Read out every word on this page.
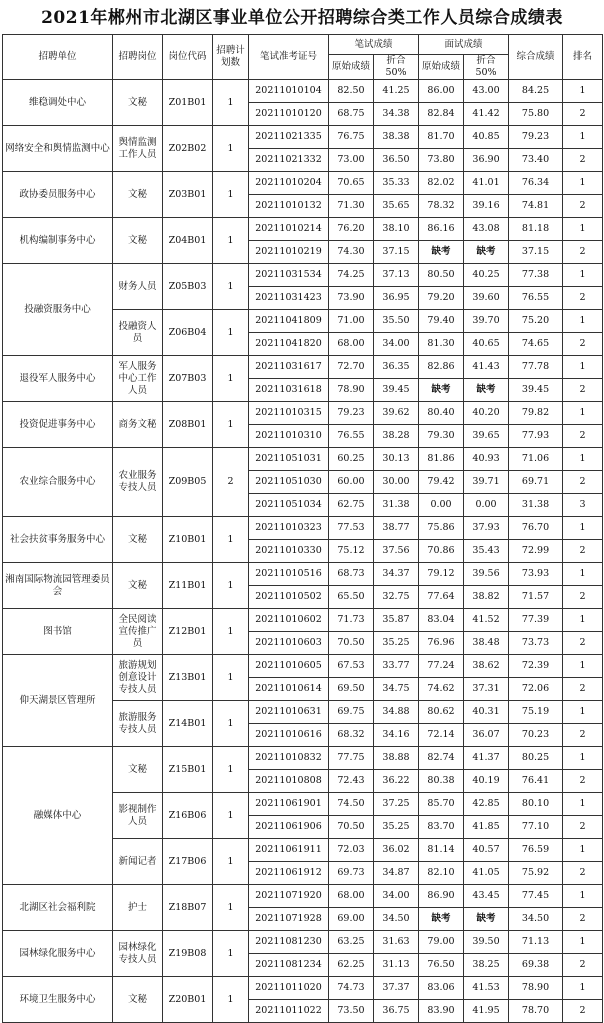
2021年郴州市北湖区事业单位公开招聘综合类工作人员综合成绩表
招聘单位	招聘岗位	岗位代码	招聘计划数	笔试准考证号	笔试成绩		面试成绩		综合成绩	排名
					原始成绩	折合50%	原始成绩	折合50%		
维稳调处中心	文秘	Z01B01	1	20211010104	82.50	41.25	86.00	43.00	84.25	1
				20211010120	68.75	34.38	82.84	41.42	75.80	2
网络安全和舆情监测中心	舆情监测工作人员	Z02B02	1	20211021335	76.75	38.38	81.70	40.85	79.23	1
				20211021332	73.00	36.50	73.80	36.90	73.40	2
政协委员服务中心	文秘	Z03B01	1	20211010204	70.65	35.33	82.02	41.01	76.34	1
				20211010132	71.30	35.65	78.32	39.16	74.81	2
机构编制事务中心	文秘	Z04B01	1	20211010214	76.20	38.10	86.16	43.08	81.18	1
				20211010219	74.30	37.15	缺考	缺考	37.15	2
投融资服务中心	财务人员	Z05B03	1	20211031534	74.25	37.13	80.50	40.25	77.38	1
				20211031423	73.90	36.95	79.20	39.60	76.55	2
	投融资人员	Z06B04	1	20211041809	71.00	35.50	79.40	39.70	75.20	1
				20211041820	68.00	34.00	81.30	40.65	74.65	2
退役军人服务中心	军人服务中心工作人员	Z07B03	1	20211031617	72.70	36.35	82.86	41.43	77.78	1
				20211031618	78.90	39.45	缺考	缺考	39.45	2
投资促进事务中心	商务文秘	Z08B01	1	20211010315	79.23	39.62	80.40	40.20	79.82	1
				20211010310	76.55	38.28	79.30	39.65	77.93	2
农业综合服务中心	农业服务专技人员	Z09B05	2	20211051031	60.25	30.13	81.86	40.93	71.06	1
				20211051030	60.00	30.00	79.42	39.71	69.71	2
				20211051034	62.75	31.38	0.00	0.00	31.38	3
社会扶贫事务服务中心	文秘	Z10B01	1	20211010323	77.53	38.77	75.86	37.93	76.70	1
				20211010330	75.12	37.56	70.86	35.43	72.99	2
湘南国际物流园管理委员会	文秘	Z11B01	1	20211010516	68.73	34.37	79.12	39.56	73.93	1
				20211010502	65.50	32.75	77.64	38.82	71.57	2
图书馆	全民阅读宣传推广员	Z12B01	1	20211010602	71.73	35.87	83.04	41.52	77.39	1
				20211010603	70.50	35.25	76.96	38.48	73.73	2
仰天湖景区管理所	旅游规划创意设计专技人员	Z13B01	1	20211010605	67.53	33.77	77.24	38.62	72.39	1
				20211010614	69.50	34.75	74.62	37.31	72.06	2
	旅游服务专技人员	Z14B01	1	20211010631	69.75	34.88	80.62	40.31	75.19	1
				20211010616	68.32	34.16	72.14	36.07	70.23	2
融媒体中心	文秘	Z15B01	1	20211010832	77.75	38.88	82.74	41.37	80.25	1
				20211010808	72.43	36.22	80.38	40.19	76.41	2
	影视制作人员	Z16B06	1	20211061901	74.50	37.25	85.70	42.85	80.10	1
				20211061906	70.50	35.25	83.70	41.85	77.10	2
	新闻记者	Z17B06	1	20211061911	72.03	36.02	81.14	40.57	76.59	1
				20211061912	69.73	34.87	82.10	41.05	75.92	2
北湖区社会福利院	护士	Z18B07	1	20211071920	68.00	34.00	86.90	43.45	77.45	1
				20211071928	69.00	34.50	缺考	缺考	34.50	2
园林绿化服务中心	园林绿化专技人员	Z19B08	1	20211081230	63.25	31.63	79.00	39.50	71.13	1
				20211081234	62.25	31.13	76.50	38.25	69.38	2
环境卫生服务中心	文秘	Z20B01	1	20211011020	74.73	37.37	83.06	41.53	78.90	1
				20211011022	73.50	36.75	83.90	41.95	78.70	2
